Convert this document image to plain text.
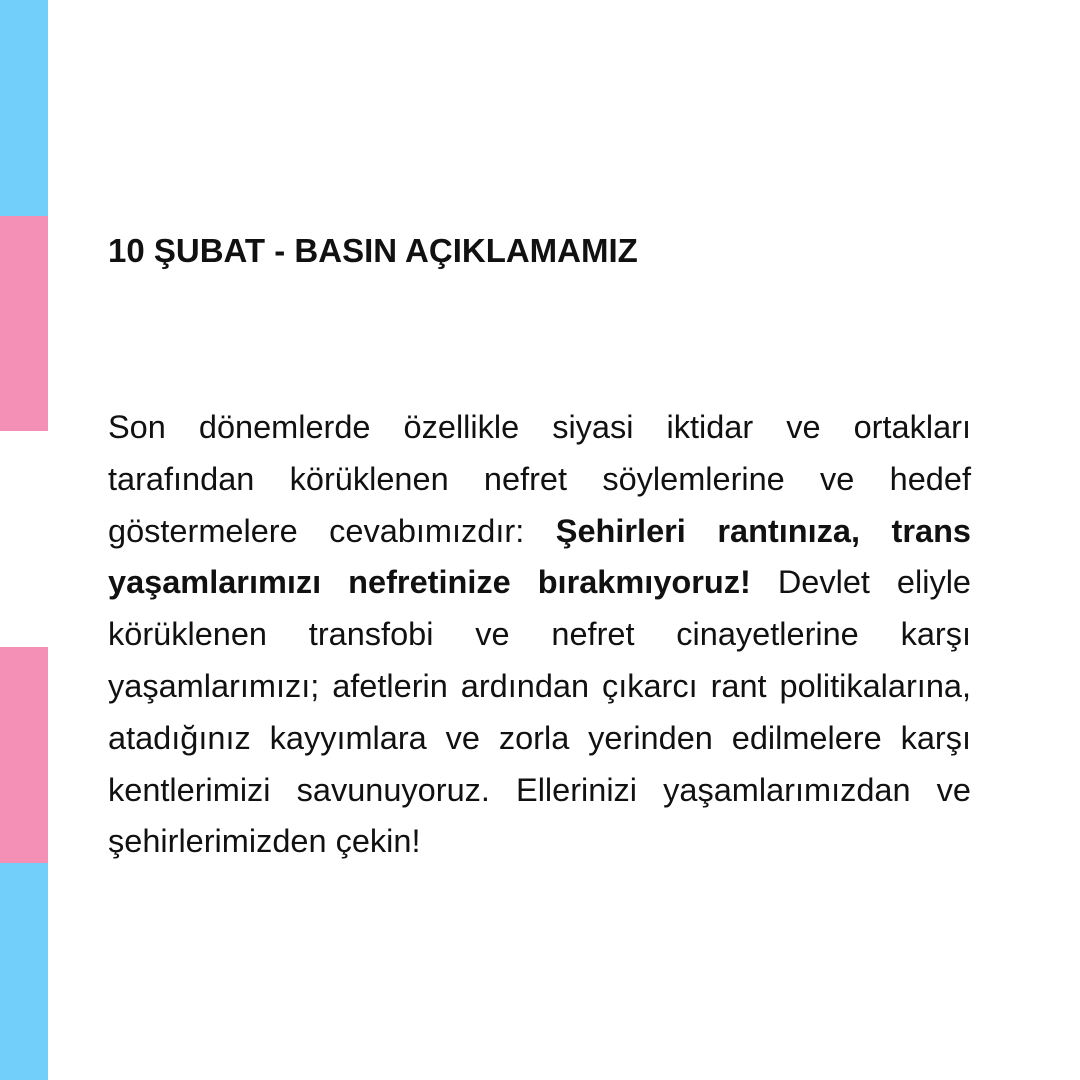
10 ŞUBAT - BASIN AÇIKLAMAMIZ

Son dönemlerde özellikle siyasi iktidar ve ortakları tarafından körüklenen nefret söylemlerine ve hedef göstermelere cevabımızdır: Şehirleri rantınıza, trans yaşamlarımızı nefretinize bırakmıyoruz! Devlet eliyle körüklenen transfobi ve nefret cinayetlerine karşı yaşamlarımızı; afetlerin ardından çıkarcı rant politikalarına, atadığınız kayyımlara ve zorla yerinden edilmelere karşı kentlerimizi savunuyoruz. Ellerinizi yaşamlarımızdan ve şehirlerimizden çekin!
